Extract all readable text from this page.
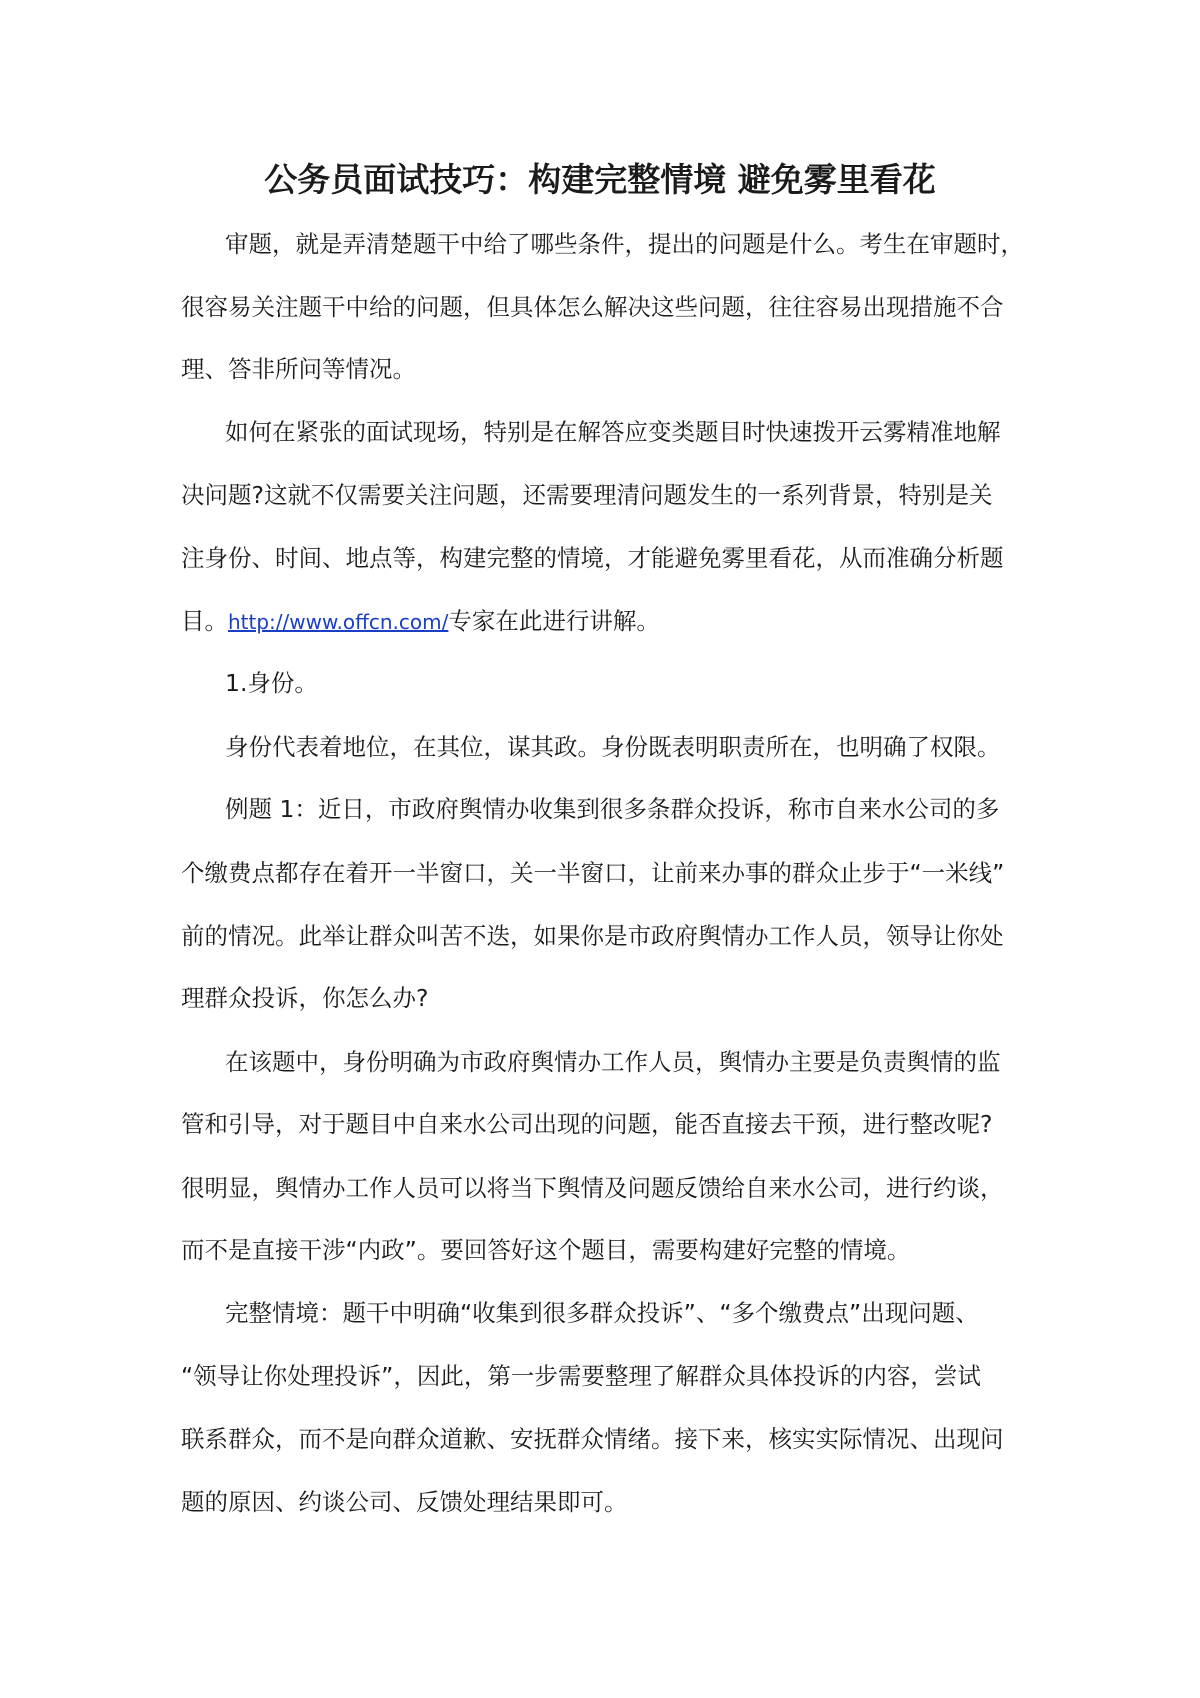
公务员面试技巧：构建完整情境 避免雾里看花
审题，就是弄清楚题干中给了哪些条件，提出的问题是什么。考生在审题时，
很容易关注题干中给的问题，但具体怎么解决这些问题，往往容易出现措施不合
理、答非所问等情况。
如何在紧张的面试现场，特别是在解答应变类题目时快速拨开云雾精准地解
决问题?这就不仅需要关注问题，还需要理清问题发生的一系列背景，特别是关
注身份、时间、地点等，构建完整的情境，才能避免雾里看花，从而准确分析题
目。http://www.offcn.com/专家在此进行讲解。
1.身份。
身份代表着地位，在其位，谋其政。身份既表明职责所在，也明确了权限。
例题 1：近日，市政府舆情办收集到很多条群众投诉，称市自来水公司的多
个缴费点都存在着开一半窗口，关一半窗口，让前来办事的群众止步于“一米线”
前的情况。此举让群众叫苦不迭，如果你是市政府舆情办工作人员，领导让你处
理群众投诉，你怎么办?
在该题中，身份明确为市政府舆情办工作人员，舆情办主要是负责舆情的监
管和引导，对于题目中自来水公司出现的问题，能否直接去干预，进行整改呢?
很明显，舆情办工作人员可以将当下舆情及问题反馈给自来水公司，进行约谈，
而不是直接干涉“内政”。要回答好这个题目，需要构建好完整的情境。
完整情境：题干中明确“收集到很多群众投诉”、“多个缴费点”出现问题、
“领导让你处理投诉”，因此，第一步需要整理了解群众具体投诉的内容，尝试
联系群众，而不是向群众道歉、安抚群众情绪。接下来，核实实际情况、出现问
题的原因、约谈公司、反馈处理结果即可。
